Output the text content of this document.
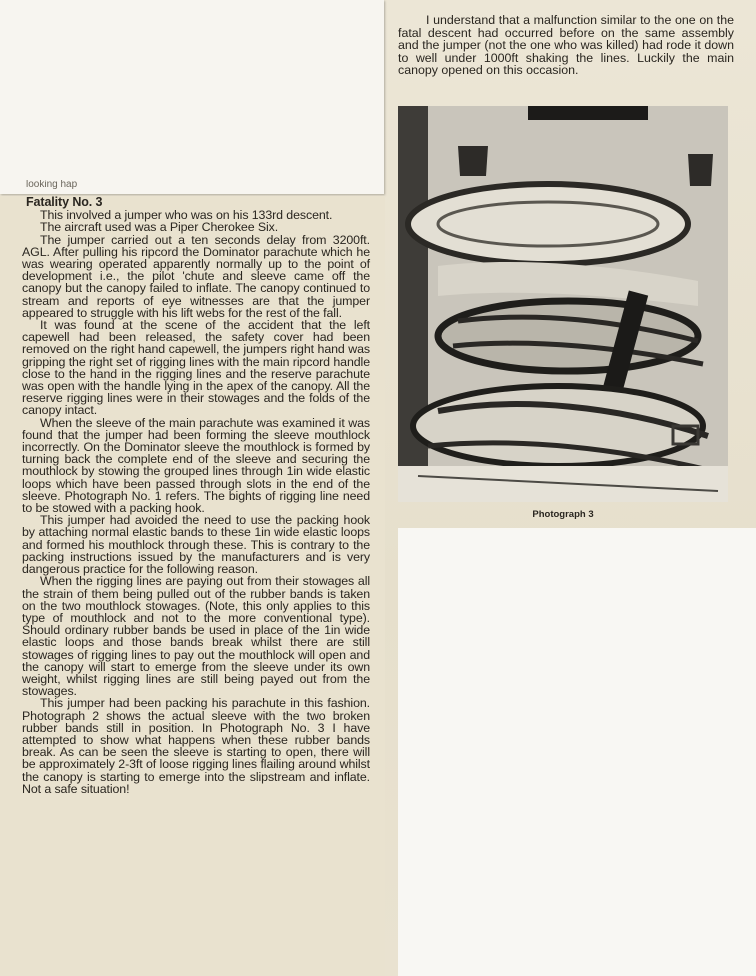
looking hap
Fatality No. 3

This involved a jumper who was on his 133rd descent.

The aircraft used was a Piper Cherokee Six.

The jumper carried out a ten seconds delay from 3200ft. AGL. After pulling his ripcord the Dominator parachute which he was wearing operated apparently normally up to the point of development i.e., the pilot 'chute and sleeve came off the canopy but the canopy failed to inflate. The canopy continued to stream and reports of eye witnesses are that the jumper appeared to struggle with his lift webs for the rest of the fall.

It was found at the scene of the accident that the left capewell had been released, the safety cover had been removed on the right hand capewell, the jumpers right hand was gripping the right set of rigging lines with the main ripcord handle close to the hand in the rigging lines and the reserve parachute was open with the handle lying in the apex of the canopy. All the reserve rigging lines were in their stowages and the folds of the canopy intact.

When the sleeve of the main parachute was examined it was found that the jumper had been forming the sleeve mouthlock incorrectly. On the Dominator sleeve the mouthlock is formed by turning back the complete end of the sleeve and securing the mouthlock by stowing the grouped lines through 1in wide elastic loops which have been passed through slots in the end of the sleeve. Photograph No. 1 refers. The bights of rigging line need to be stowed with a packing hook.

This jumper had avoided the need to use the packing hook by attaching normal elastic bands to these 1in wide elastic loops and formed his mouthlock through these. This is contrary to the packing instructions issued by the manufacturers and is very dangerous practice for the following reason.

When the rigging lines are paying out from their stowages all the strain of them being pulled out of the rubber bands is taken on the two mouthlock stowages. (Note, this only applies to this type of mouthlock and not to the more conventional type). Should ordinary rubber bands be used in place of the 1in wide elastic loops and those bands break whilst there are still stowages of rigging lines to pay out the mouthlock will open and the canopy will start to emerge from the sleeve under its own weight, whilst rigging lines are still being payed out from the stowages.

This jumper had been packing his parachute in this fashion. Photograph 2 shows the actual sleeve with the two broken rubber bands still in position. In Photograph No. 3 I have attempted to show what happens when these rubber bands break. As can be seen the sleeve is starting to open, there will be approximately 2-3ft of loose rigging lines flailing around whilst the canopy is starting to emerge into the slipstream and inflate. Not a safe situation!

I understand that a malfunction similar to the one on the fatal descent had occurred before on the same assembly and the jumper (not the one who was killed) had rode it down to well under 1000ft shaking the lines. Luckily the main canopy opened on this occasion.
Photograph 3
